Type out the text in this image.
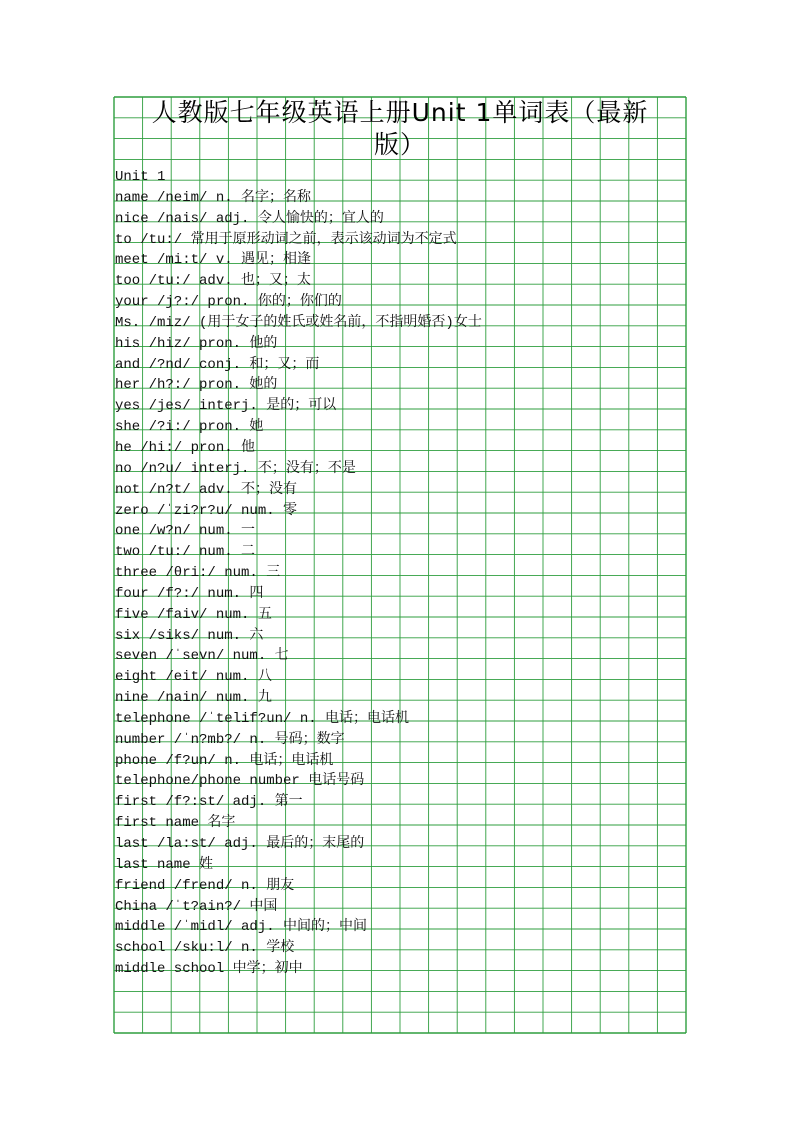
人教版七年级英语上册Unit 1单词表（最新
版）
Unit 1
name /neim/ n. 名字；名称
nice /nais/ adj. 令人愉快的；宜人的
to /tu:/ 常用于原形动词之前，表示该动词为不定式
meet /mi:t/ v. 遇见；相逢
too /tu:/ adv. 也；又；太
your /j?:/ pron. 你的；你们的
Ms. /miz/ (用于女子的姓氏或姓名前，不指明婚否)女士
his /hiz/ pron. 他的
and /?nd/ conj. 和；又；而
her /h?:/ pron. 她的
yes /jes/ interj. 是的；可以
she /?i:/ pron. 她
he /hi:/ pron. 他
no /n?u/ interj. 不；没有；不是
not /n?t/ adv. 不；没有
zero /ˈzi?r?u/ num. 零
one /w?n/ num. 一
two /tu:/ num. 二
three /θri:/ num. 三
four /f?:/ num. 四
five /faiv/ num. 五
six /siks/ num. 六
seven /ˈsevn/ num. 七
eight /eit/ num. 八
nine /nain/ num. 九
telephone /ˈtelif?un/ n. 电话；电话机
number /ˈn?mb?/ n. 号码；数字
phone /f?un/ n. 电话；电话机
telephone/phone number 电话号码
first /f?:st/ adj. 第一
first name 名字
last /la:st/ adj. 最后的；末尾的
last name 姓
friend /frend/ n. 朋友
China /ˈt?ain?/ 中国
middle /ˈmidl/ adj. 中间的；中间
school /sku:l/ n. 学校
middle school 中学；初中
